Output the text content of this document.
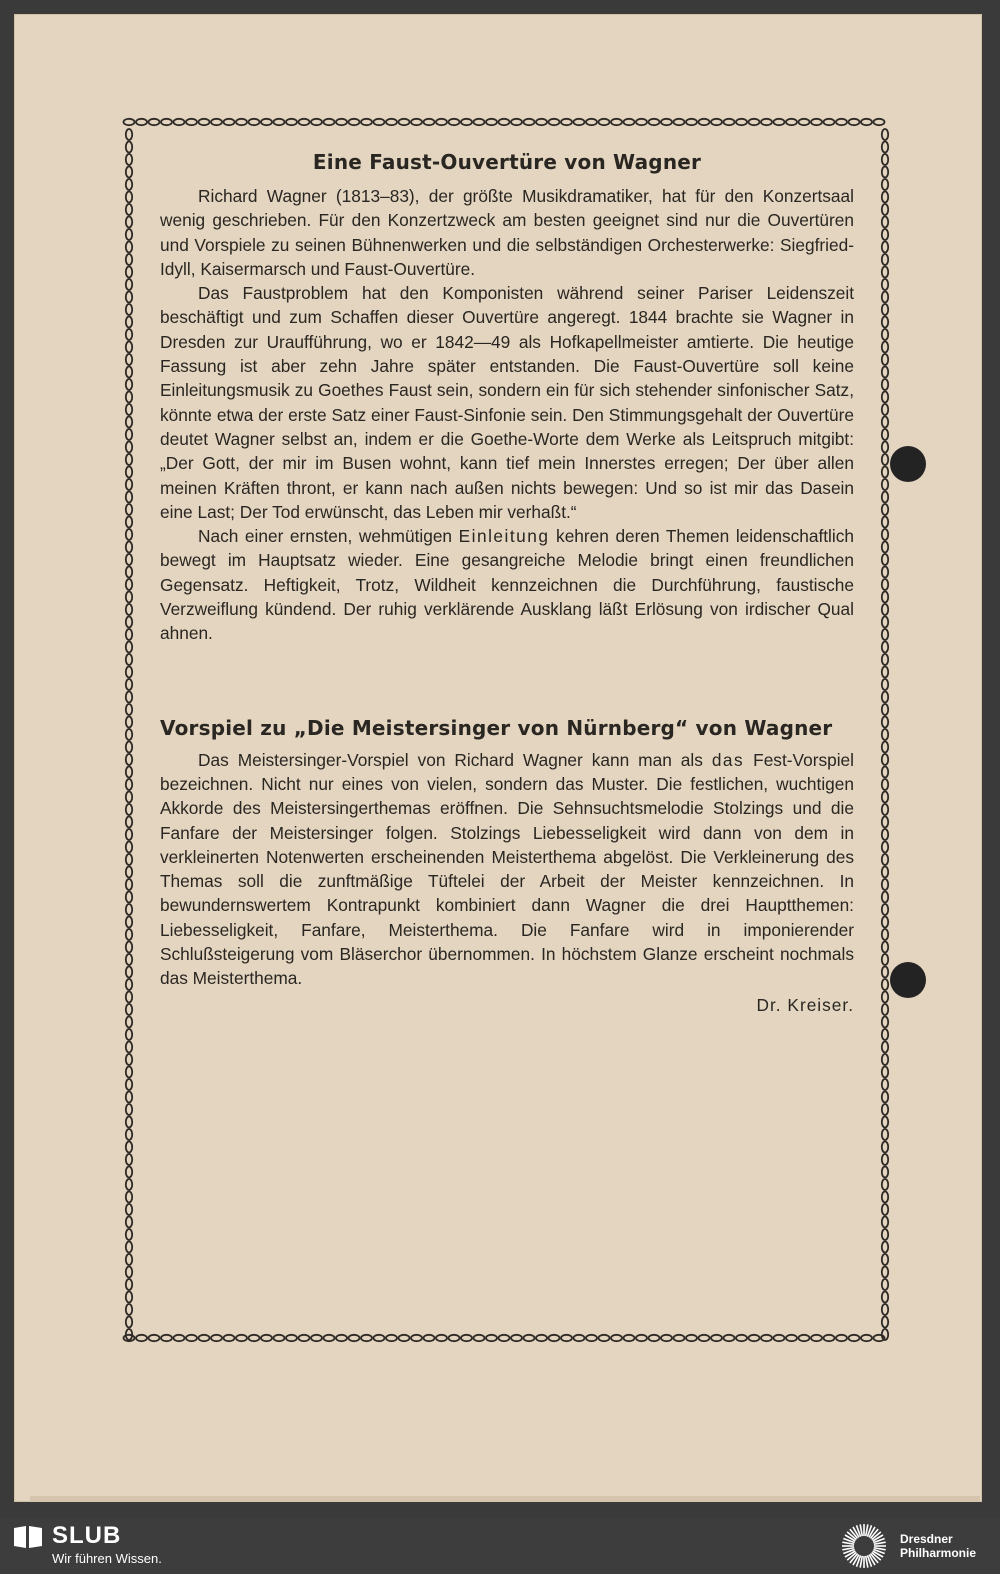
Eine Faust-Ouvertüre von Wagner

Richard Wagner (1813–83), der größte Musikdramatiker, hat für den Konzertsaal wenig geschrieben. Für den Konzertzweck am besten geeignet sind nur die Ouvertüren und Vorspiele zu seinen Bühnenwerken und die selbständigen Orchesterwerke: Siegfried-Idyll, Kaisermarsch und Faust-Ouvertüre.

Das Faustproblem hat den Komponisten während seiner Pariser Leidenszeit beschäftigt und zum Schaffen dieser Ouvertüre angeregt. 1844 brachte sie Wagner in Dresden zur Uraufführung, wo er 1842—49 als Hofkapellmeister amtierte. Die heutige Fassung ist aber zehn Jahre später entstanden. Die Faust-Ouvertüre soll keine Einleitungsmusik zu Goethes Faust sein, sondern ein für sich stehender sinfonischer Satz, könnte etwa der erste Satz einer Faust-Sinfonie sein. Den Stimmungsgehalt der Ouvertüre deutet Wagner selbst an, indem er die Goethe-Worte dem Werke als Leitspruch mitgibt: „Der Gott, der mir im Busen wohnt, kann tief mein Innerstes erregen; Der über allen meinen Kräften thront, er kann nach außen nichts bewegen: Und so ist mir das Dasein eine Last; Der Tod erwünscht, das Leben mir verhaßt.“

Nach einer ernsten, wehmütigen Einleitung kehren deren Themen leidenschaftlich bewegt im Hauptsatz wieder. Eine gesangreiche Melodie bringt einen freundlichen Gegensatz. Heftigkeit, Trotz, Wildheit kennzeichnen die Durchführung, faustische Verzweiflung kündend. Der ruhig verklärende Ausklang läßt Erlösung von irdischer Qual ahnen.

Vorspiel zu „Die Meistersinger von Nürnberg“ von Wagner

Das Meistersinger-Vorspiel von Richard Wagner kann man als das Fest-Vorspiel bezeichnen. Nicht nur eines von vielen, sondern das Muster. Die festlichen, wuchtigen Akkorde des Meistersingerthemas eröffnen. Die Sehnsuchtsmelodie Stolzings und die Fanfare der Meistersinger folgen. Stolzings Liebesseligkeit wird dann von dem in verkleinerten Notenwerten erscheinenden Meisterthema abgelöst. Die Verkleinerung des Themas soll die zunftmäßige Tüftelei der Arbeit der Meister kennzeichnen. In bewundernswertem Kontrapunkt kombiniert dann Wagner die drei Hauptthemen: Liebesseligkeit, Fanfare, Meisterthema. Die Fanfare wird in imponierender Schlußsteigerung vom Bläserchor übernommen. In höchstem Glanze erscheint nochmals das Meisterthema.

Dr. Kreiser.
SLUB
Wir führen Wissen.
Dresdner
Philharmonie
